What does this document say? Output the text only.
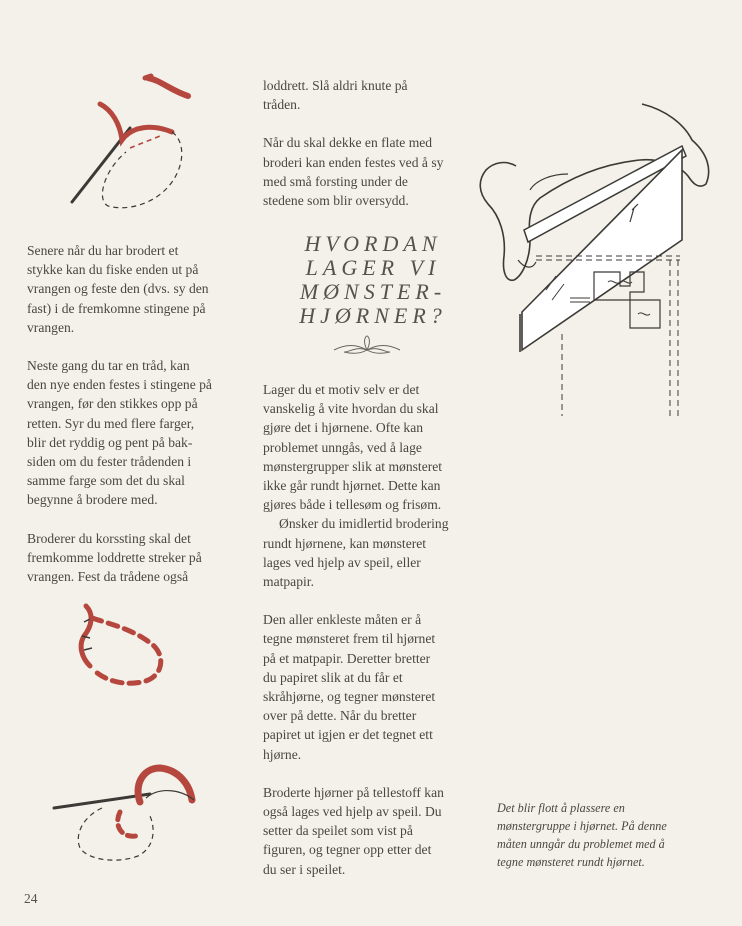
Senere når du har brodert et
stykke kan du fiske enden ut på
vrangen og feste den (dvs. sy den
fast) i de fremkomne stingene på
vrangen.

Neste gang du tar en tråd, kan
den nye enden festes i stingene på
vrangen, før den stikkes opp på
retten. Syr du med flere farger,
blir det ryddig og pent på bak-
siden om du fester trådenden i
samme farge som det du skal
begynne å brodere med.

Broderer du korssting skal det
fremkomme loddrette streker på
vrangen. Fest da trådene også

loddrett. Slå aldri knute på
tråden.

Når du skal dekke en flate med
broderi kan enden festes ved å sy
med små forsting under de
stedene som blir oversydd.

HVORDAN
LAGER VI
MØNSTER-
HJØRNER?

Lager du et motiv selv er det
vanskelig å vite hvordan du skal
gjøre det i hjørnene. Ofte kan
problemet unngås, ved å lage
mønstergrupper slik at mønsteret
ikke går rundt hjørnet. Dette kan
gjøres både i tellesøm og frisøm.

Ønsker du imidlertid brodering
rundt hjørnene, kan mønsteret
lages ved hjelp av speil, eller
matpapir.

Den aller enkleste måten er å
tegne mønsteret frem til hjørnet
på et matpapir. Deretter bretter
du papiret slik at du får et
skråhjørne, og tegner mønsteret
over på dette. Når du bretter
papiret ut igjen er det tegnet ett
hjørne.

Broderte hjørner på tellestoff kan
også lages ved hjelp av speil. Du
setter da speilet som vist på
figuren, og tegner opp etter det
du ser i speilet.

Det blir flott å plassere en
mønstergruppe i hjørnet. På denne
måten unngår du problemet med å
tegne mønsteret rundt hjørnet.
24
